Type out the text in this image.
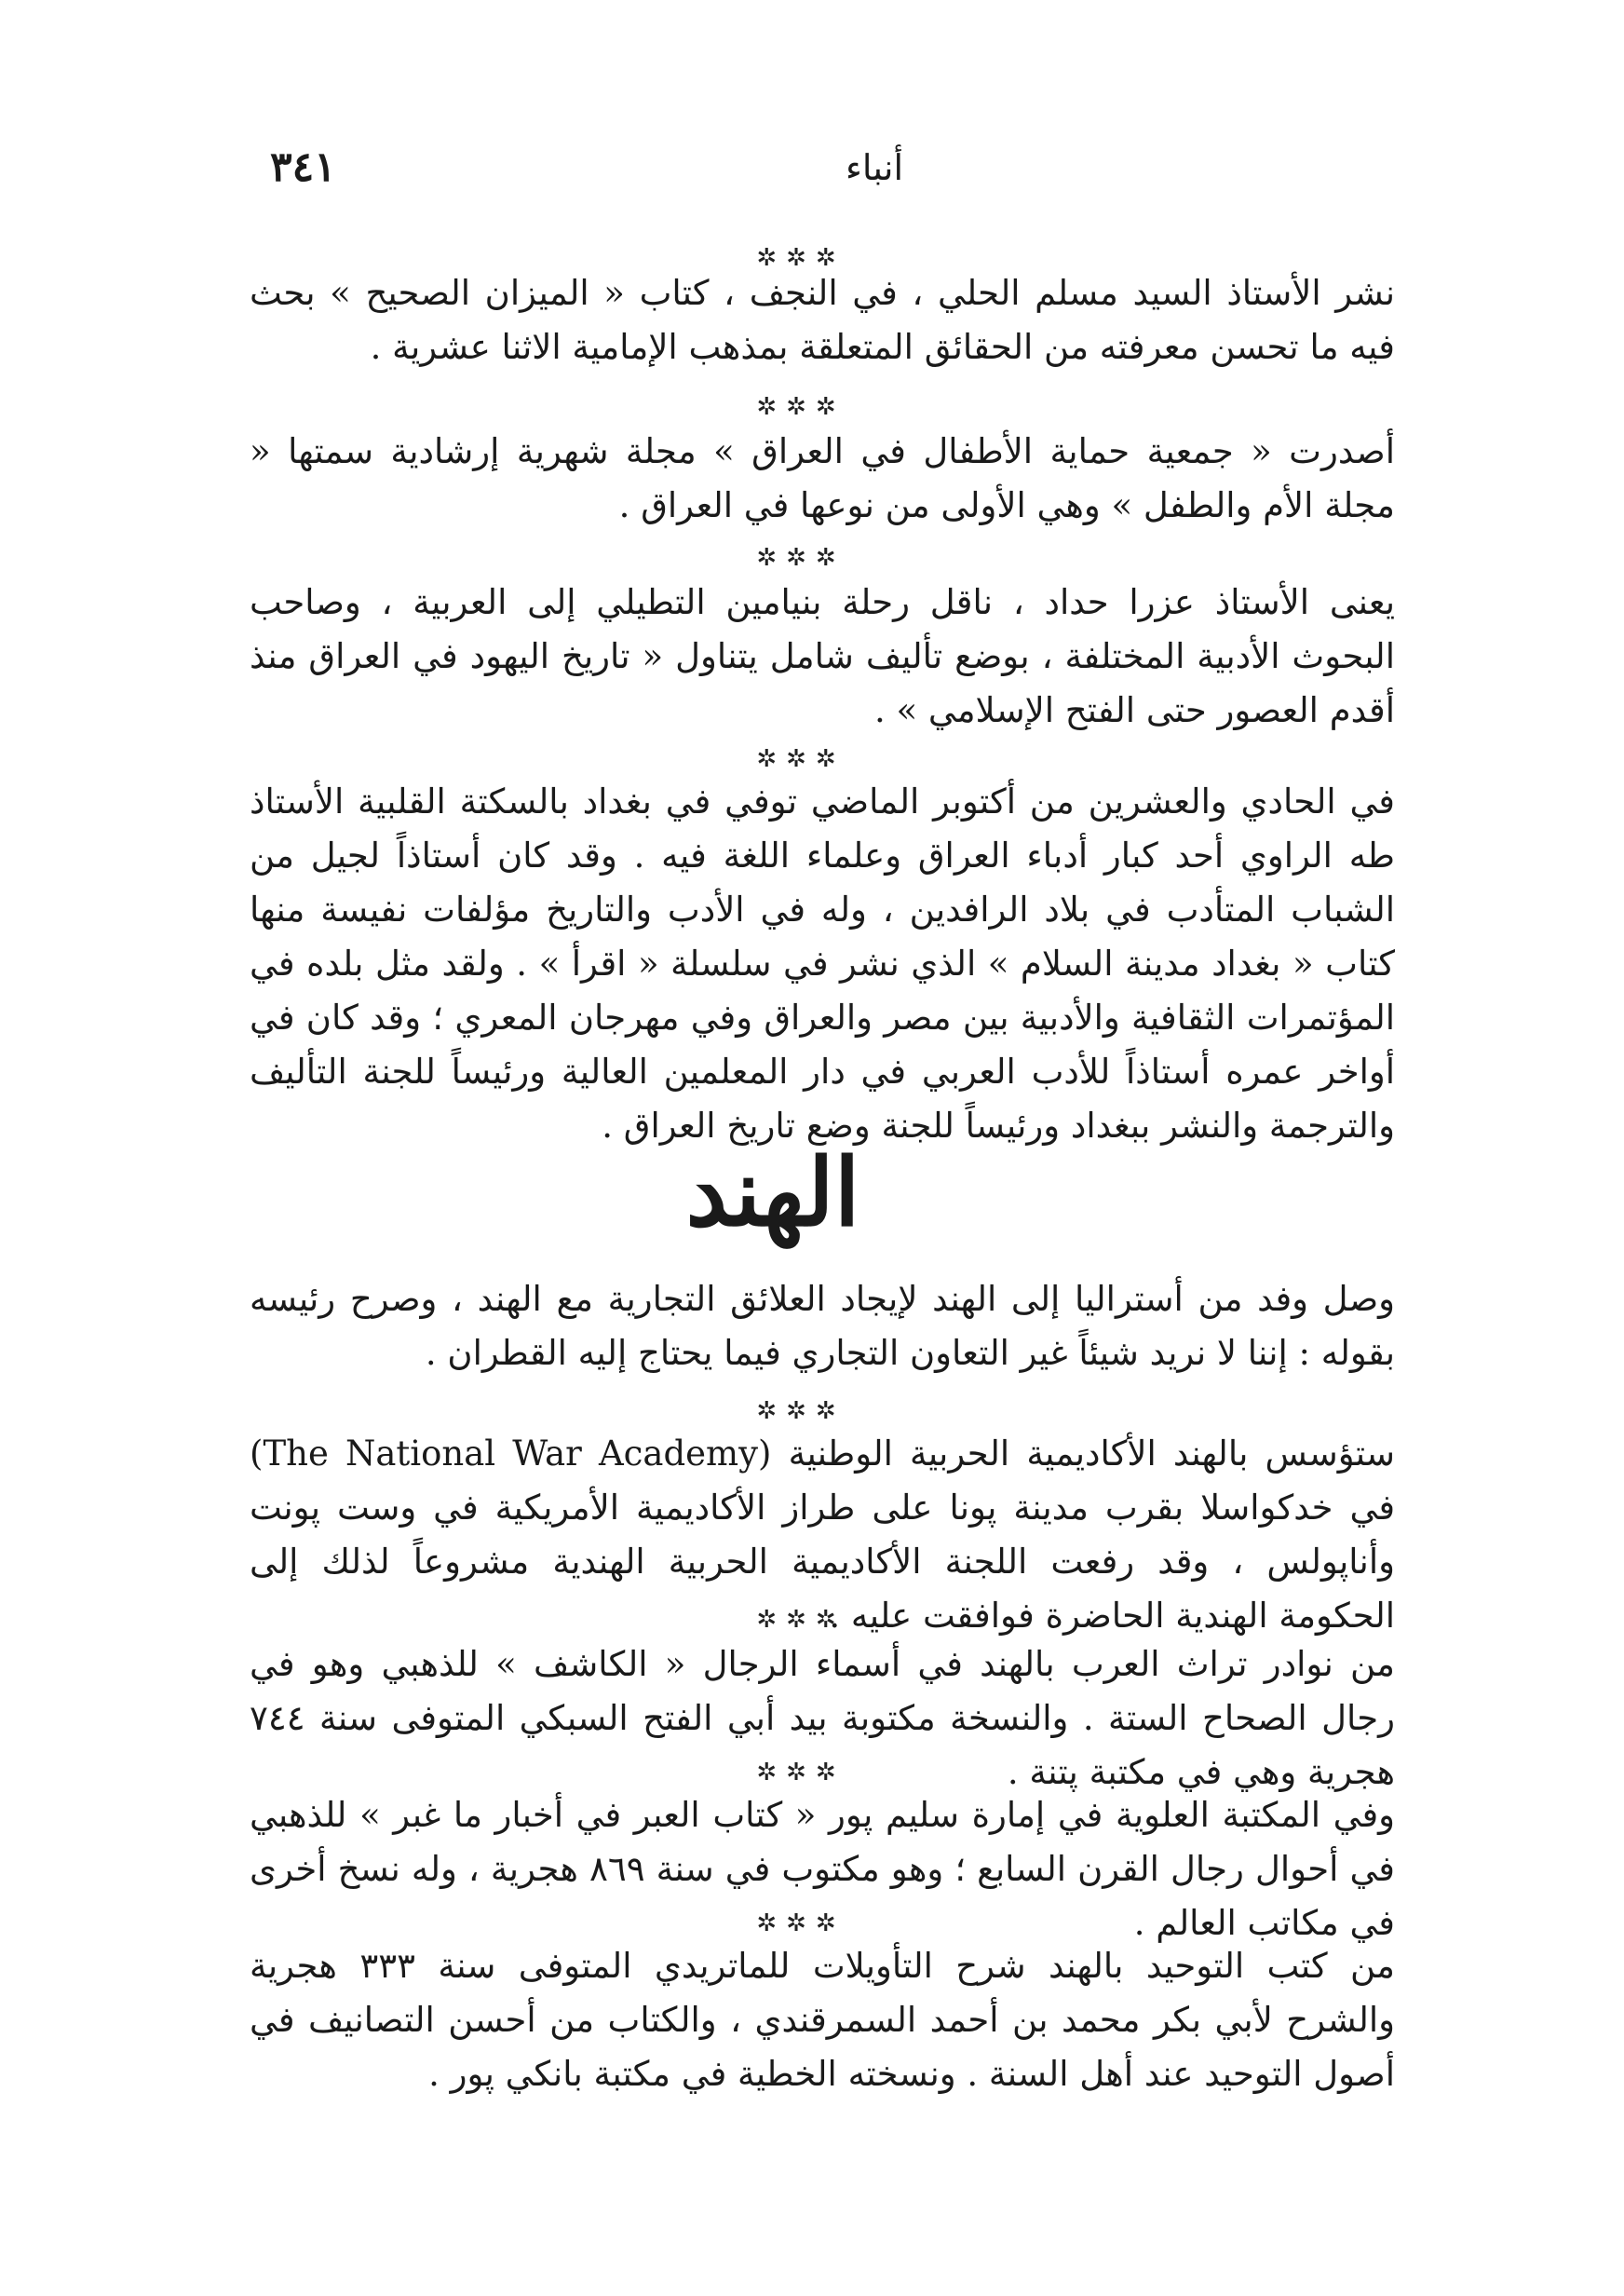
٣٤١	أنباء
✲✲✲

نشر الأستاذ السيد مسلم الحلي ، في النجف ، كتاب « الميزان الصحيح » بحث فيه ما تحسن معرفته من الحقائق المتعلقة بمذهب الإمامية الاثنا عشرية .

✲✲✲

أصدرت « جمعية حماية الأطفال في العراق » مجلة شهرية إرشادية سمتها « مجلة الأم والطفل » وهي الأولى من نوعها في العراق .

✲✲✲

يعنى الأستاذ عزرا حداد ، ناقل رحلة بنيامين التطيلي إلى العربية ، وصاحب البحوث الأدبية المختلفة ، بوضع تأليف شامل يتناول « تاريخ اليهود في العراق منذ أقدم العصور حتى الفتح الإسلامي » .

✲✲✲

في الحادي والعشرين من أكتوبر الماضي توفي في بغداد بالسكتة القلبية الأستاذ طه الراوي أحد كبار أدباء العراق وعلماء اللغة فيه . وقد كان أستاذاً لجيل من الشباب المتأدب في بلاد الرافدين ، وله في الأدب والتاريخ مؤلفات نفيسة منها كتاب « بغداد مدينة السلام » الذي نشر في سلسلة « اقرأ » . ولقد مثل بلده في المؤتمرات الثقافية والأدبية بين مصر والعراق وفي مهرجان المعري ؛ وقد كان في أواخر عمره أستاذاً للأدب العربي في دار المعلمين العالية ورئيساً للجنة التأليف والترجمة والنشر ببغداد ورئيساً للجنة وضع تاريخ العراق .

الهند

وصل وفد من أستراليا إلى الهند لإيجاد العلائق التجارية مع الهند ، وصرح رئيسه بقوله : إننا لا نريد شيئاً غير التعاون التجاري فيما يحتاج إليه القطران .

✲✲✲

ستؤسس بالهند الأكاديمية الحربية الوطنية (The National War Academy) في خدكواسلا بقرب مدينة پونا على طراز الأكاديمية الأمريكية في وست پونت وأناپولس ، وقد رفعت اللجنة الأكاديمية الحربية الهندية مشروعاً لذلك إلى الحكومة الهندية الحاضرة فوافقت عليه .

✲✲✲

من نوادر تراث العرب بالهند في أسماء الرجال « الكاشف » للذهبي وهو في رجال الصحاح الستة . والنسخة مكتوبة بيد أبي الفتح السبكي المتوفى سنة ٧٤٤ هجرية وهي في مكتبة پتنة .

✲✲✲

وفي المكتبة العلوية في إمارة سليم پور « كتاب العبر في أخبار ما غبر » للذهبي في أحوال رجال القرن السابع ؛ وهو مكتوب في سنة ٨٦٩ هجرية ، وله نسخ أخرى في مكاتب العالم .

✲✲✲

من كتب التوحيد بالهند شرح التأويلات للماتريدي المتوفى سنة ٣٣٣ هجرية والشرح لأبي بكر محمد بن أحمد السمرقندي ، والكتاب من أحسن التصانيف في أصول التوحيد عند أهل السنة . ونسخته الخطية في مكتبة بانكي پور .
